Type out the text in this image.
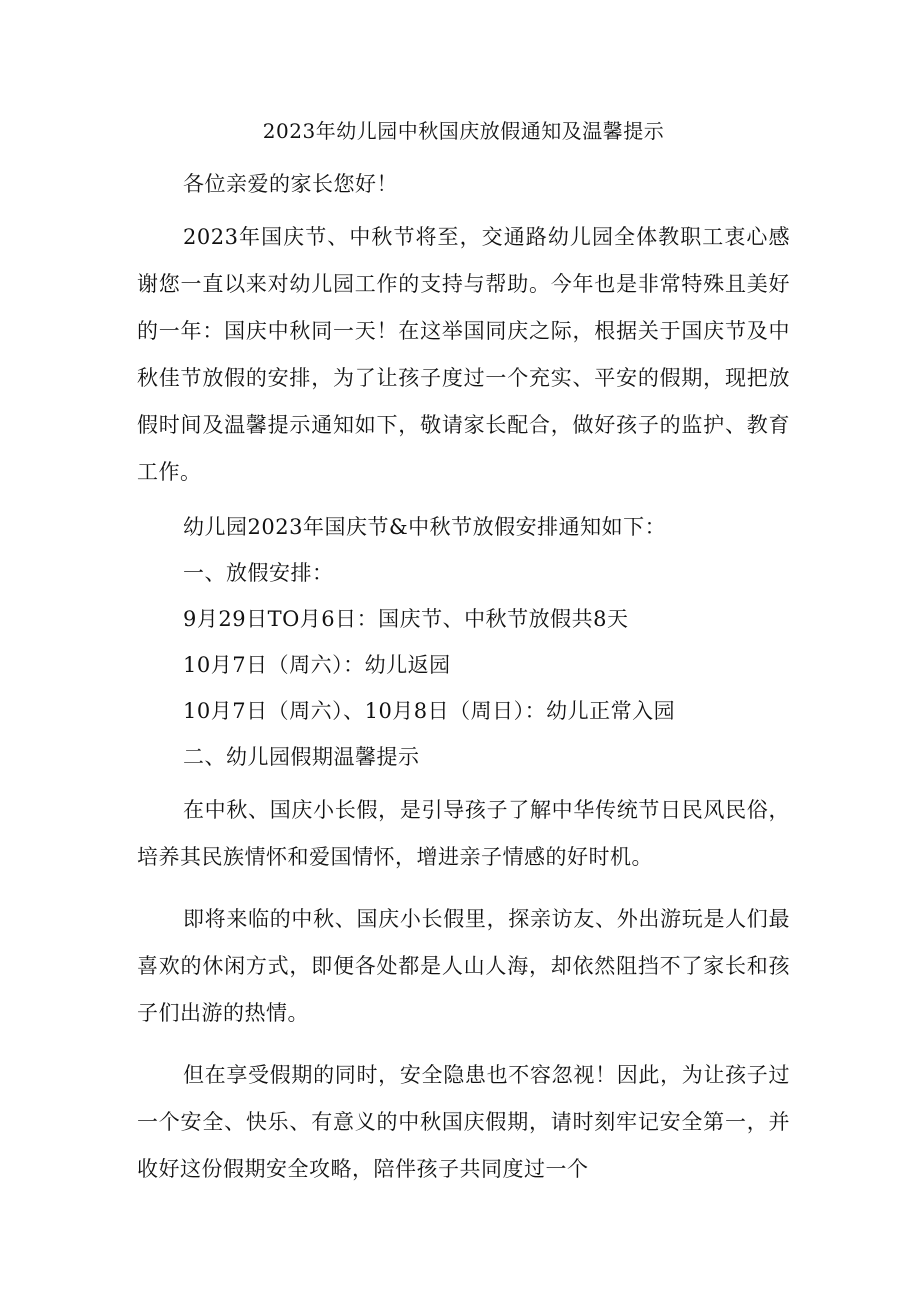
2023年幼儿园中秋国庆放假通知及温馨提示

各位亲爱的家长您好！

2023年国庆节、中秋节将至，交通路幼儿园全体教职工衷心感谢您一直以来对幼儿园工作的支持与帮助。今年也是非常特殊且美好的一年：国庆中秋同一天！在这举国同庆之际，根据关于国庆节及中秋佳节放假的安排，为了让孩子度过一个充实、平安的假期，现把放假时间及温馨提示通知如下，敬请家长配合，做好孩子的监护、教育工作。

幼儿园2023年国庆节&中秋节放假安排通知如下：

一、放假安排：

9月29日TO月6日：国庆节、中秋节放假共8天

10月7日（周六）：幼儿返园

10月7日（周六）、10月8日（周日）：幼儿正常入园

二、幼儿园假期温馨提示

在中秋、国庆小长假，是引导孩子了解中华传统节日民风民俗，培养其民族情怀和爱国情怀，增进亲子情感的好时机。

即将来临的中秋、国庆小长假里，探亲访友、外出游玩是人们最喜欢的休闲方式，即便各处都是人山人海，却依然阻挡不了家长和孩子们出游的热情。

但在享受假期的同时，安全隐患也不容忽视！因此，为让孩子过一个安全、快乐、有意义的中秋国庆假期，请时刻牢记安全第一，并收好这份假期安全攻略，陪伴孩子共同度过一个
